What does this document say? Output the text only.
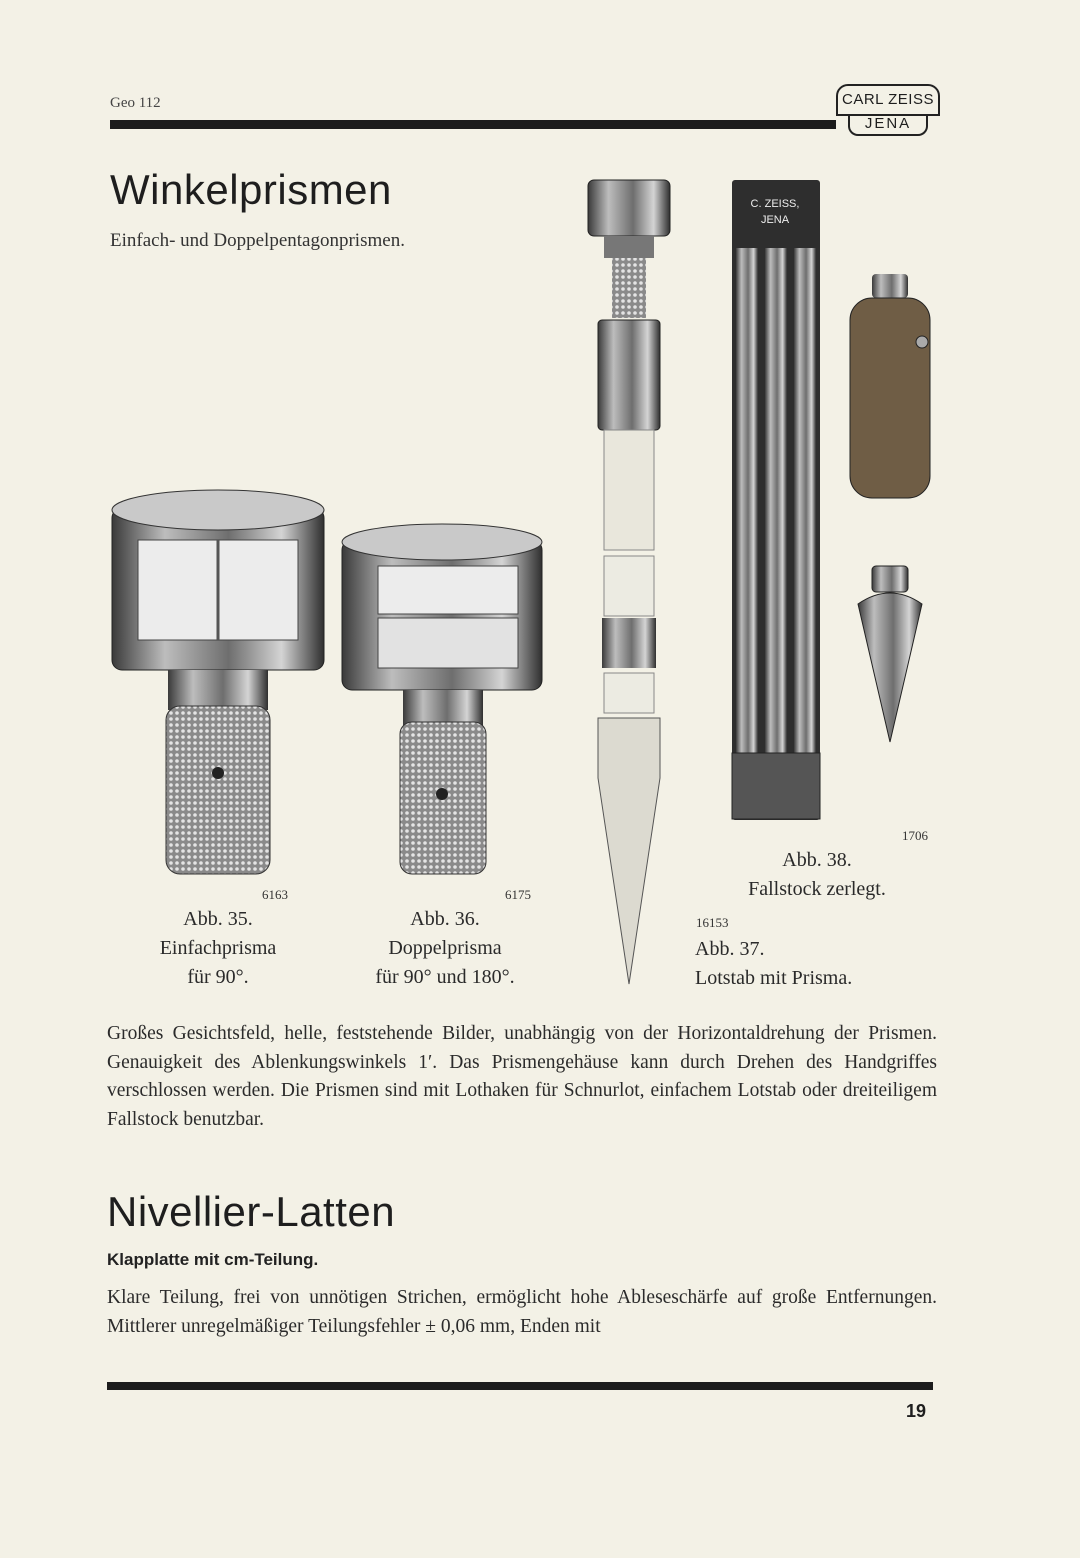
Geo 112	CARL ZEISS
JENA
Winkelprismen
Einfach- und Doppelpentagonprismen.
6163	6175
C. ZEISS, JENA
1706
Abb. 35.
Einfachprisma
für 90°.
Abb. 36.
Doppelprisma
für 90° und 180°.
Abb. 38.
Fallstock zerlegt.
16153
Abb. 37.
Lotstab mit Prisma.
Großes Gesichtsfeld, helle, feststehende Bilder, unabhängig von der Horizontaldrehung der Prismen. Genauigkeit des Ablenkungswinkels 1′. Das Prismengehäuse kann durch Drehen des Handgriffes verschlossen werden. Die Prismen sind mit Lothaken für Schnurlot, einfachem Lotstab oder dreiteiligem Fallstock benutzbar.
Nivellier-Latten
Klapplatte mit cm-Teilung.
Klare Teilung, frei von unnötigen Strichen, ermöglicht hohe Ableseschärfe auf große Entfernungen. Mittlerer unregelmäßiger Teilungsfehler ± 0,06 mm, Enden mit
19
